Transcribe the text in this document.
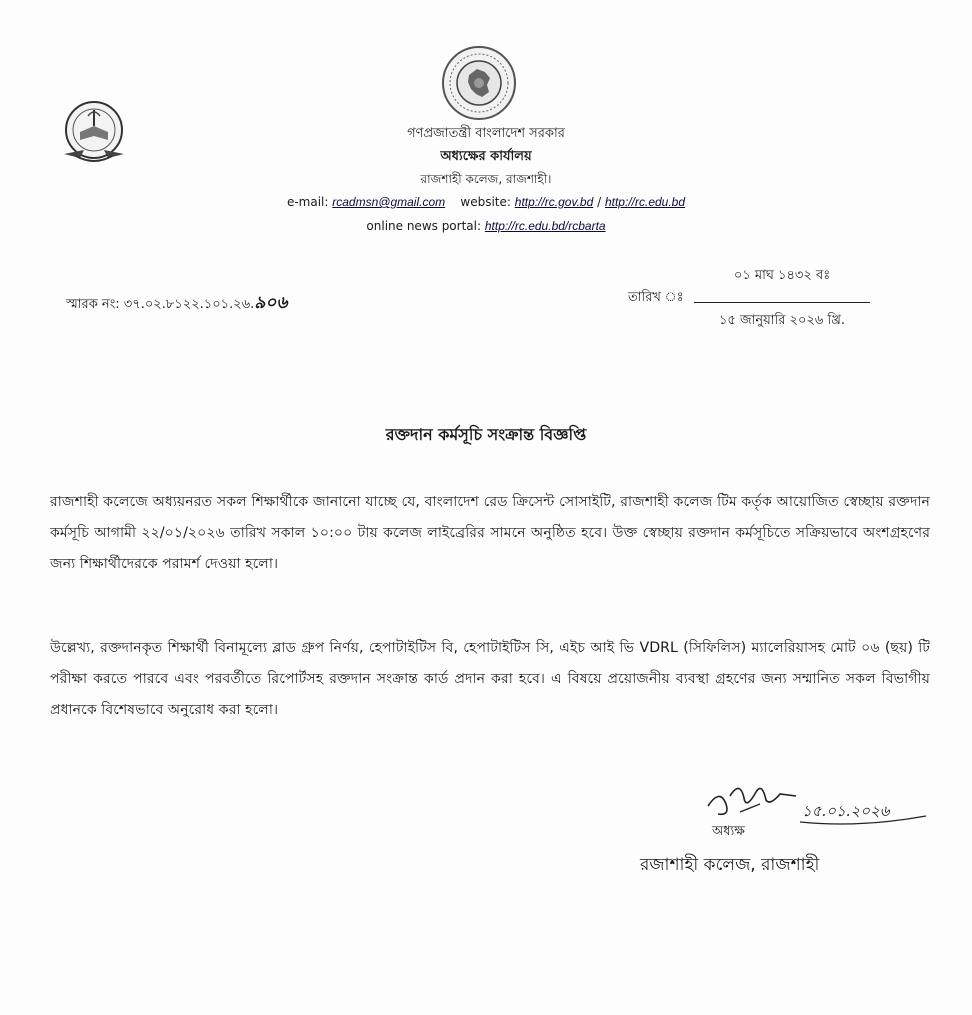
গণপ্রজাতন্ত্রী বাংলাদেশ সরকার
অধ্যক্ষের কার্যালয়
রাজশাহী কলেজ, রাজশাহী।
e-mail: rcadmsn@gmail.com website: http://rc.gov.bd / http://rc.edu.bd
online news portal: http://rc.edu.bd/rcbarta
স্মারক নং: ৩৭.০২.৮১২২.১০১.২৬.৯০৬
০১ মাঘ ১৪৩২ বঃ
তারিখ ঃ
১৫ জানুয়ারি ২০২৬ খ্রি.
রক্তদান কর্মসূচি সংক্রান্ত বিজ্ঞপ্তি
রাজশাহী কলেজে অধ্যয়নরত সকল শিক্ষার্থীকে জানানো যাচ্ছে যে, বাংলাদেশ রেড ক্রিসেন্ট সোসাইটি, রাজশাহী কলেজ টিম কর্তৃক আয়োজিত স্বেচ্ছায় রক্তদান কর্মসূচি আগামী ২২/০১/২০২৬ তারিখ সকাল ১০:০০ টায় কলেজ লাইব্রেরির সামনে অনুষ্ঠিত হবে। উক্ত স্বেচ্ছায় রক্তদান কর্মসূচিতে সক্রিয়ভাবে অংশগ্রহণের জন্য শিক্ষার্থীদেরকে পরামর্শ দেওয়া হলো।
উল্লেখ্য, রক্তদানকৃত শিক্ষার্থী বিনামূল্যে ব্লাড গ্রুপ নির্ণয়, হেপাটাইটিস বি, হেপাটাইটিস সি, এইচ আই ভি VDRL (সিফিলিস) ম্যালেরিয়াসহ মোট ০৬ (ছয়) টি পরীক্ষা করতে পারবে এবং পরবর্তীতে রিপোর্টসহ রক্তদান সংক্রান্ত কার্ড প্রদান করা হবে। এ বিষয়ে প্রয়োজনীয় ব্যবস্থা গ্রহণের জন্য সম্মানিত সকল বিভাগীয় প্রধানকে বিশেষভাবে অনুরোধ করা হলো।
১৫.০১.২০২৬
অধ্যক্ষ
রজাশাহী কলেজ, রাজশাহী
